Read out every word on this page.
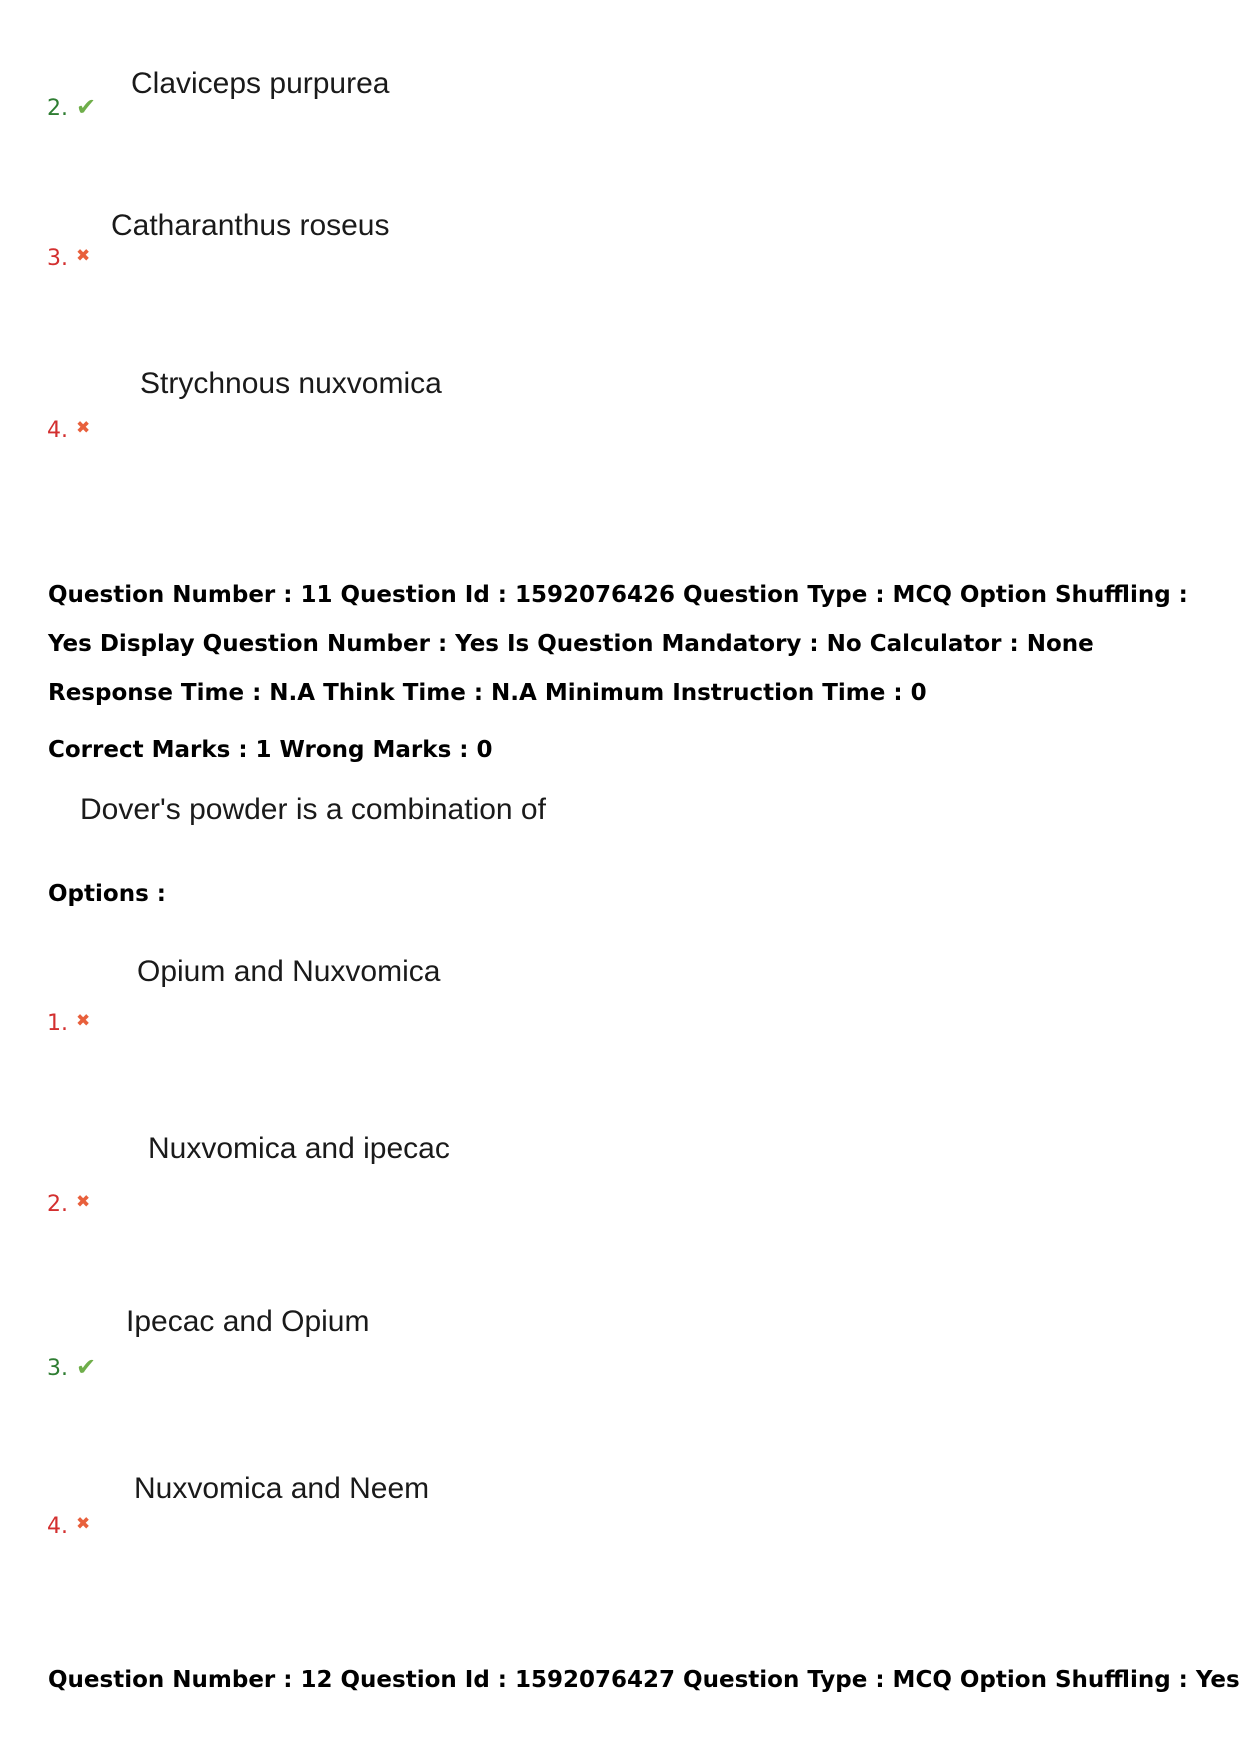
Claviceps purpurea
2. ✔
Catharanthus roseus
3. ✖
Strychnous nuxvomica
4. ✖
Question Number : 11 Question Id : 1592076426 Question Type : MCQ Option Shuffling : Yes Display Question Number : Yes Is Question Mandatory : No Calculator : None Response Time : N.A Think Time : N.A Minimum Instruction Time : 0
Correct Marks : 1 Wrong Marks : 0
Dover's powder is a combination of
Options :
Opium and Nuxvomica
1. ✖
Nuxvomica and ipecac
2. ✖
Ipecac and Opium
3. ✔
Nuxvomica and Neem
4. ✖
Question Number : 12 Question Id : 1592076427 Question Type : MCQ Option Shuffling : Yes
